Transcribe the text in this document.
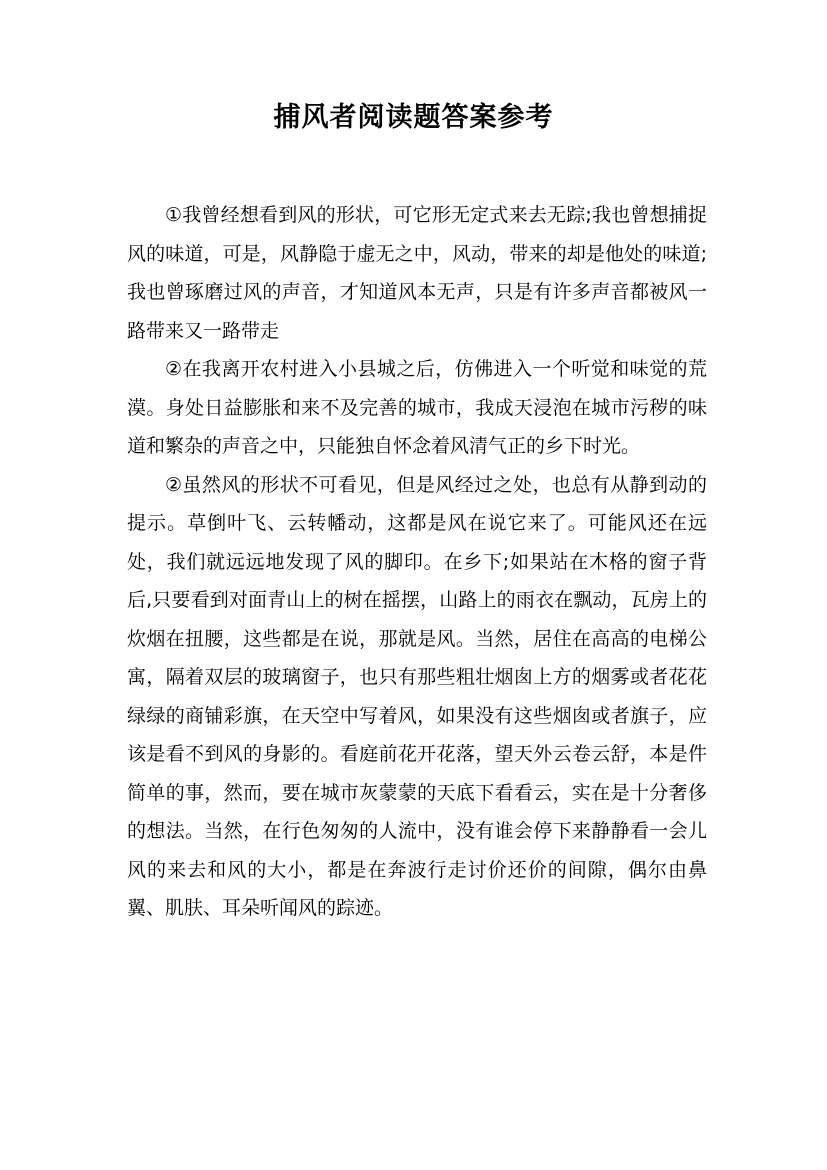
捕风者阅读题答案参考

①我曾经想看到风的形状，可它形无定式来去无踪;我也曾想捕捉风的味道，可是，风静隐于虚无之中，风动，带来的却是他处的味道;我也曾琢磨过风的声音，才知道风本无声，只是有许多声音都被风一路带来又一路带走

②在我离开农村进入小县城之后，仿佛进入一个听觉和味觉的荒漠。身处日益膨胀和来不及完善的城市，我成天浸泡在城市污秽的味道和繁杂的声音之中，只能独自怀念着风清气正的乡下时光。

②虽然风的形状不可看见，但是风经过之处，也总有从静到动的提示。草倒叶飞、云转幡动，这都是风在说它来了。可能风还在远处，我们就远远地发现了风的脚印。在乡下;如果站在木格的窗子背后,只要看到对面青山上的树在摇摆，山路上的雨衣在飘动，瓦房上的炊烟在扭腰，这些都是在说，那就是风。当然，居住在高高的电梯公寓，隔着双层的玻璃窗子，也只有那些粗壮烟囱上方的烟雾或者花花绿绿的商铺彩旗，在天空中写着风，如果没有这些烟囱或者旗子，应该是看不到风的身影的。看庭前花开花落，望天外云卷云舒，本是件简单的事，然而，要在城市灰蒙蒙的天底下看看云，实在是十分奢侈的想法。当然，在行色匆匆的人流中，没有谁会停下来静静看一会儿风的来去和风的大小，都是在奔波行走讨价还价的间隙，偶尔由鼻翼、肌肤、耳朵听闻风的踪迹。
